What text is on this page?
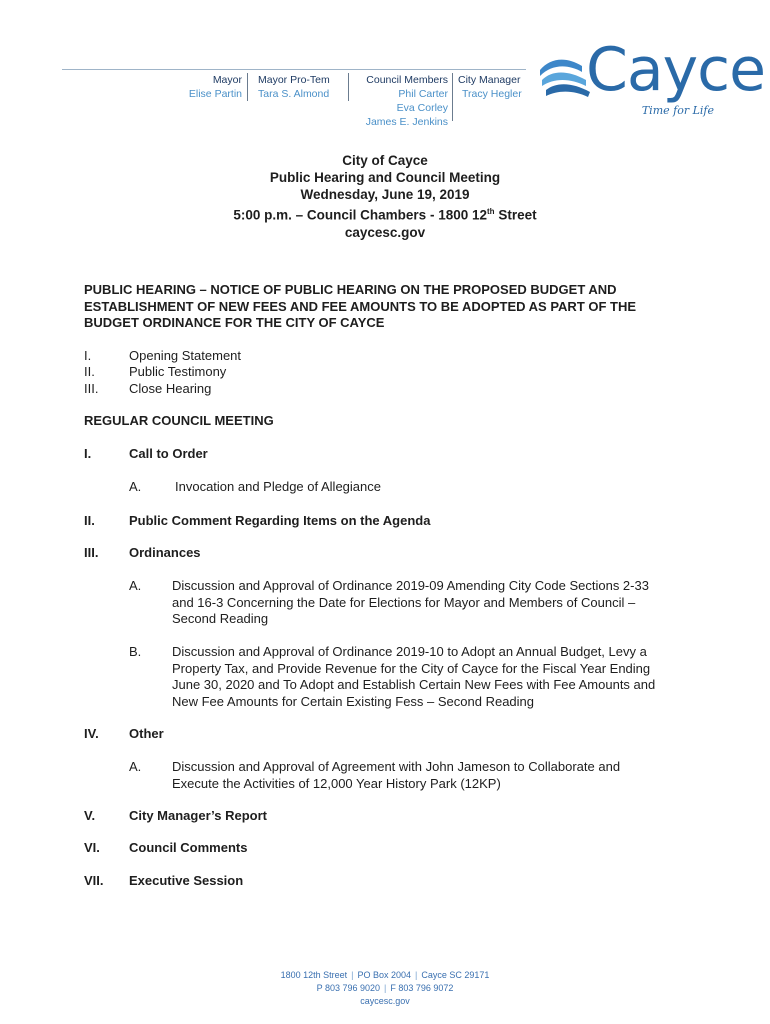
Mayor
Elise Partin
Mayor Pro-Tem
Tara S. Almond
Council Members
Phil Carter
Eva Corley
James E. Jenkins
City Manager
Tracy Hegler Cayce
Time for Life
City of Cayce
Public Hearing and Council Meeting
Wednesday, June 19, 2019
5:00 p.m. – Council Chambers - 1800 12th Street
caycesc.gov
PUBLIC HEARING – NOTICE OF PUBLIC HEARING ON THE PROPOSED BUDGET AND ESTABLISHMENT OF NEW FEES AND FEE AMOUNTS TO BE ADOPTED AS PART OF THE BUDGET ORDINANCE FOR THE CITY OF CAYCE
I.	Opening Statement
II.	Public Testimony
III. Close Hearing
REGULAR COUNCIL MEETING
I.	Call to Order
A.	Invocation and Pledge of Allegiance
II.	Public Comment Regarding Items on the Agenda
III. Ordinances
A. Discussion and Approval of Ordinance 2019-09 Amending City Code Sections 2-33 and 16-3 Concerning the Date for Elections for Mayor and Members of Council – Second Reading
B. Discussion and Approval of Ordinance 2019-10 to Adopt an Annual Budget, Levy a Property Tax, and Provide Revenue for the City of Cayce for the Fiscal Year Ending June 30, 2020 and To Adopt and Establish Certain New Fees with Fee Amounts and New Fee Amounts for Certain Existing Fess – Second Reading
IV. Other
A. Discussion and Approval of Agreement with John Jameson to Collaborate and Execute the Activities of 12,000 Year History Park (12KP)
V.	City Manager’s Report
VI. Council Comments
VII. Executive Session
1800 12th Street | PO Box 2004 | Cayce SC 29171
P 803 796 9020 | F 803 796 9072
caycesc.gov
